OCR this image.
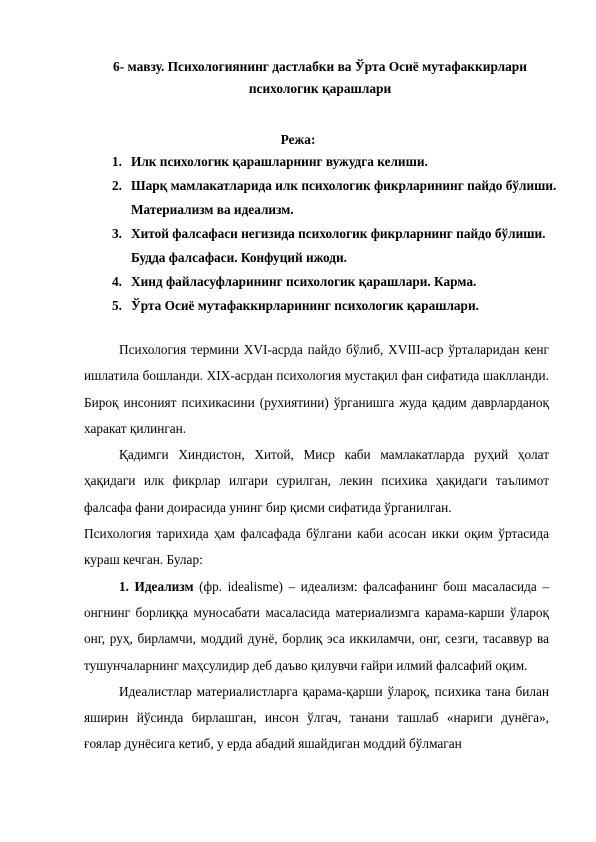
6- мавзу. Психологиянинг дастлабки ва Ўрта Осиё мутафаккирлари
психологик қарашлари
Режа:
1. Илк психологик қарашларнинг вужудга келиши.
2. Шарқ мамлакатларида илк психологик фикрларининг пайдо бўлиши. Материализм ва идеализм.
3. Хитой фалсафаси негизида психологик фикрларнинг пайдо бўлиши. Будда фалсафаси. Конфуций ижоди.
4. Хинд файласуфларининг психологик қарашлари. Карма.
5. Ўрта Осиё мутафаккирларининг психологик қарашлари.

Психология термини XVI-асрда пайдо бўлиб, XVIII-аср ўрталаридан кенг ишлатила бошланди. XIX-асрдан психология мустақил фан сифатида шаклланди. Бироқ инсоният психикасини (рухиятини) ўрганишга жуда қадим даврларданоқ харакат қилинган.

Қадимги Хиндистон, Хитой, Миср каби мамлакатларда руҳий ҳолат ҳақидаги илк фикрлар илгари сурилган, лекин психика ҳақидаги таълимот фалсафа фани доирасида унинг бир қисми сифатида ўрганилган.

Психология тарихида ҳам фалсафада бўлгани каби асосан икки оқим ўртасида кураш кечган. Булар:

1. Идеализм (фр. idealisme) – идеализм: фалсафанинг бош масаласида – онгнинг борлиққа муносабати масаласида материализмга карама-карши ўлароқ онг, руҳ, бирламчи, моддий дунё, борлиқ эса иккиламчи, онг, сезги, тасаввур ва тушунчаларнинг маҳсулидир деб даъво қилувчи ғайри илмий фалсафий оқим.

Идеалистлар материалистларга қарама-қарши ўлароқ, психика тана билан яширин йўсинда бирлашган, инсон ўлгач, танани ташлаб «нариги дунёга», ғоялар дунёсига кетиб, у ерда абадий яшайдиган моддий бўлмаган
